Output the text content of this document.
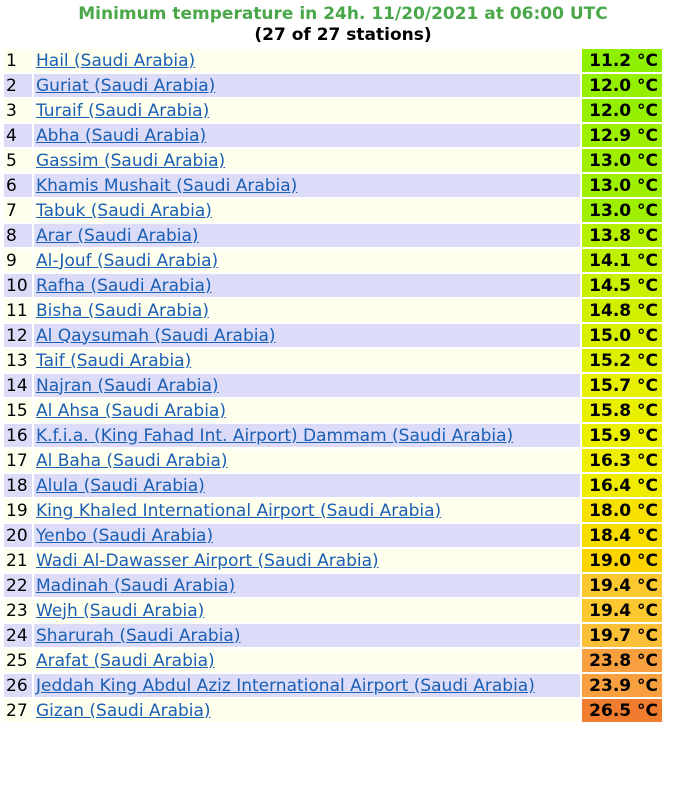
Minimum temperature in 24h. 11/20/2021 at 06:00 UTC
(27 of 27 stations)
1	Hail (Saudi Arabia)	11.2 °C
2	Guriat (Saudi Arabia)	12.0 °C
3	Turaif (Saudi Arabia)	12.0 °C
4	Abha (Saudi Arabia)	12.9 °C
5	Gassim (Saudi Arabia)	13.0 °C
6	Khamis Mushait (Saudi Arabia)	13.0 °C
7	Tabuk (Saudi Arabia)	13.0 °C
8	Arar (Saudi Arabia)	13.8 °C
9	Al-Jouf (Saudi Arabia)	14.1 °C
10	Rafha (Saudi Arabia)	14.5 °C
11	Bisha (Saudi Arabia)	14.8 °C
12	Al Qaysumah (Saudi Arabia)	15.0 °C
13	Taif (Saudi Arabia)	15.2 °C
14	Najran (Saudi Arabia)	15.7 °C
15	Al Ahsa (Saudi Arabia)	15.8 °C
16	K.f.i.a. (King Fahad Int. Airport) Dammam (Saudi Arabia)	15.9 °C
17	Al Baha (Saudi Arabia)	16.3 °C
18	Alula (Saudi Arabia)	16.4 °C
19	King Khaled International Airport (Saudi Arabia)	18.0 °C
20	Yenbo (Saudi Arabia)	18.4 °C
21	Wadi Al-Dawasser Airport (Saudi Arabia)	19.0 °C
22	Madinah (Saudi Arabia)	19.4 °C
23	Wejh (Saudi Arabia)	19.4 °C
24	Sharurah (Saudi Arabia)	19.7 °C
25	Arafat (Saudi Arabia)	23.8 °C
26	Jeddah King Abdul Aziz International Airport (Saudi Arabia)	23.9 °C
27	Gizan (Saudi Arabia)	26.5 °C
